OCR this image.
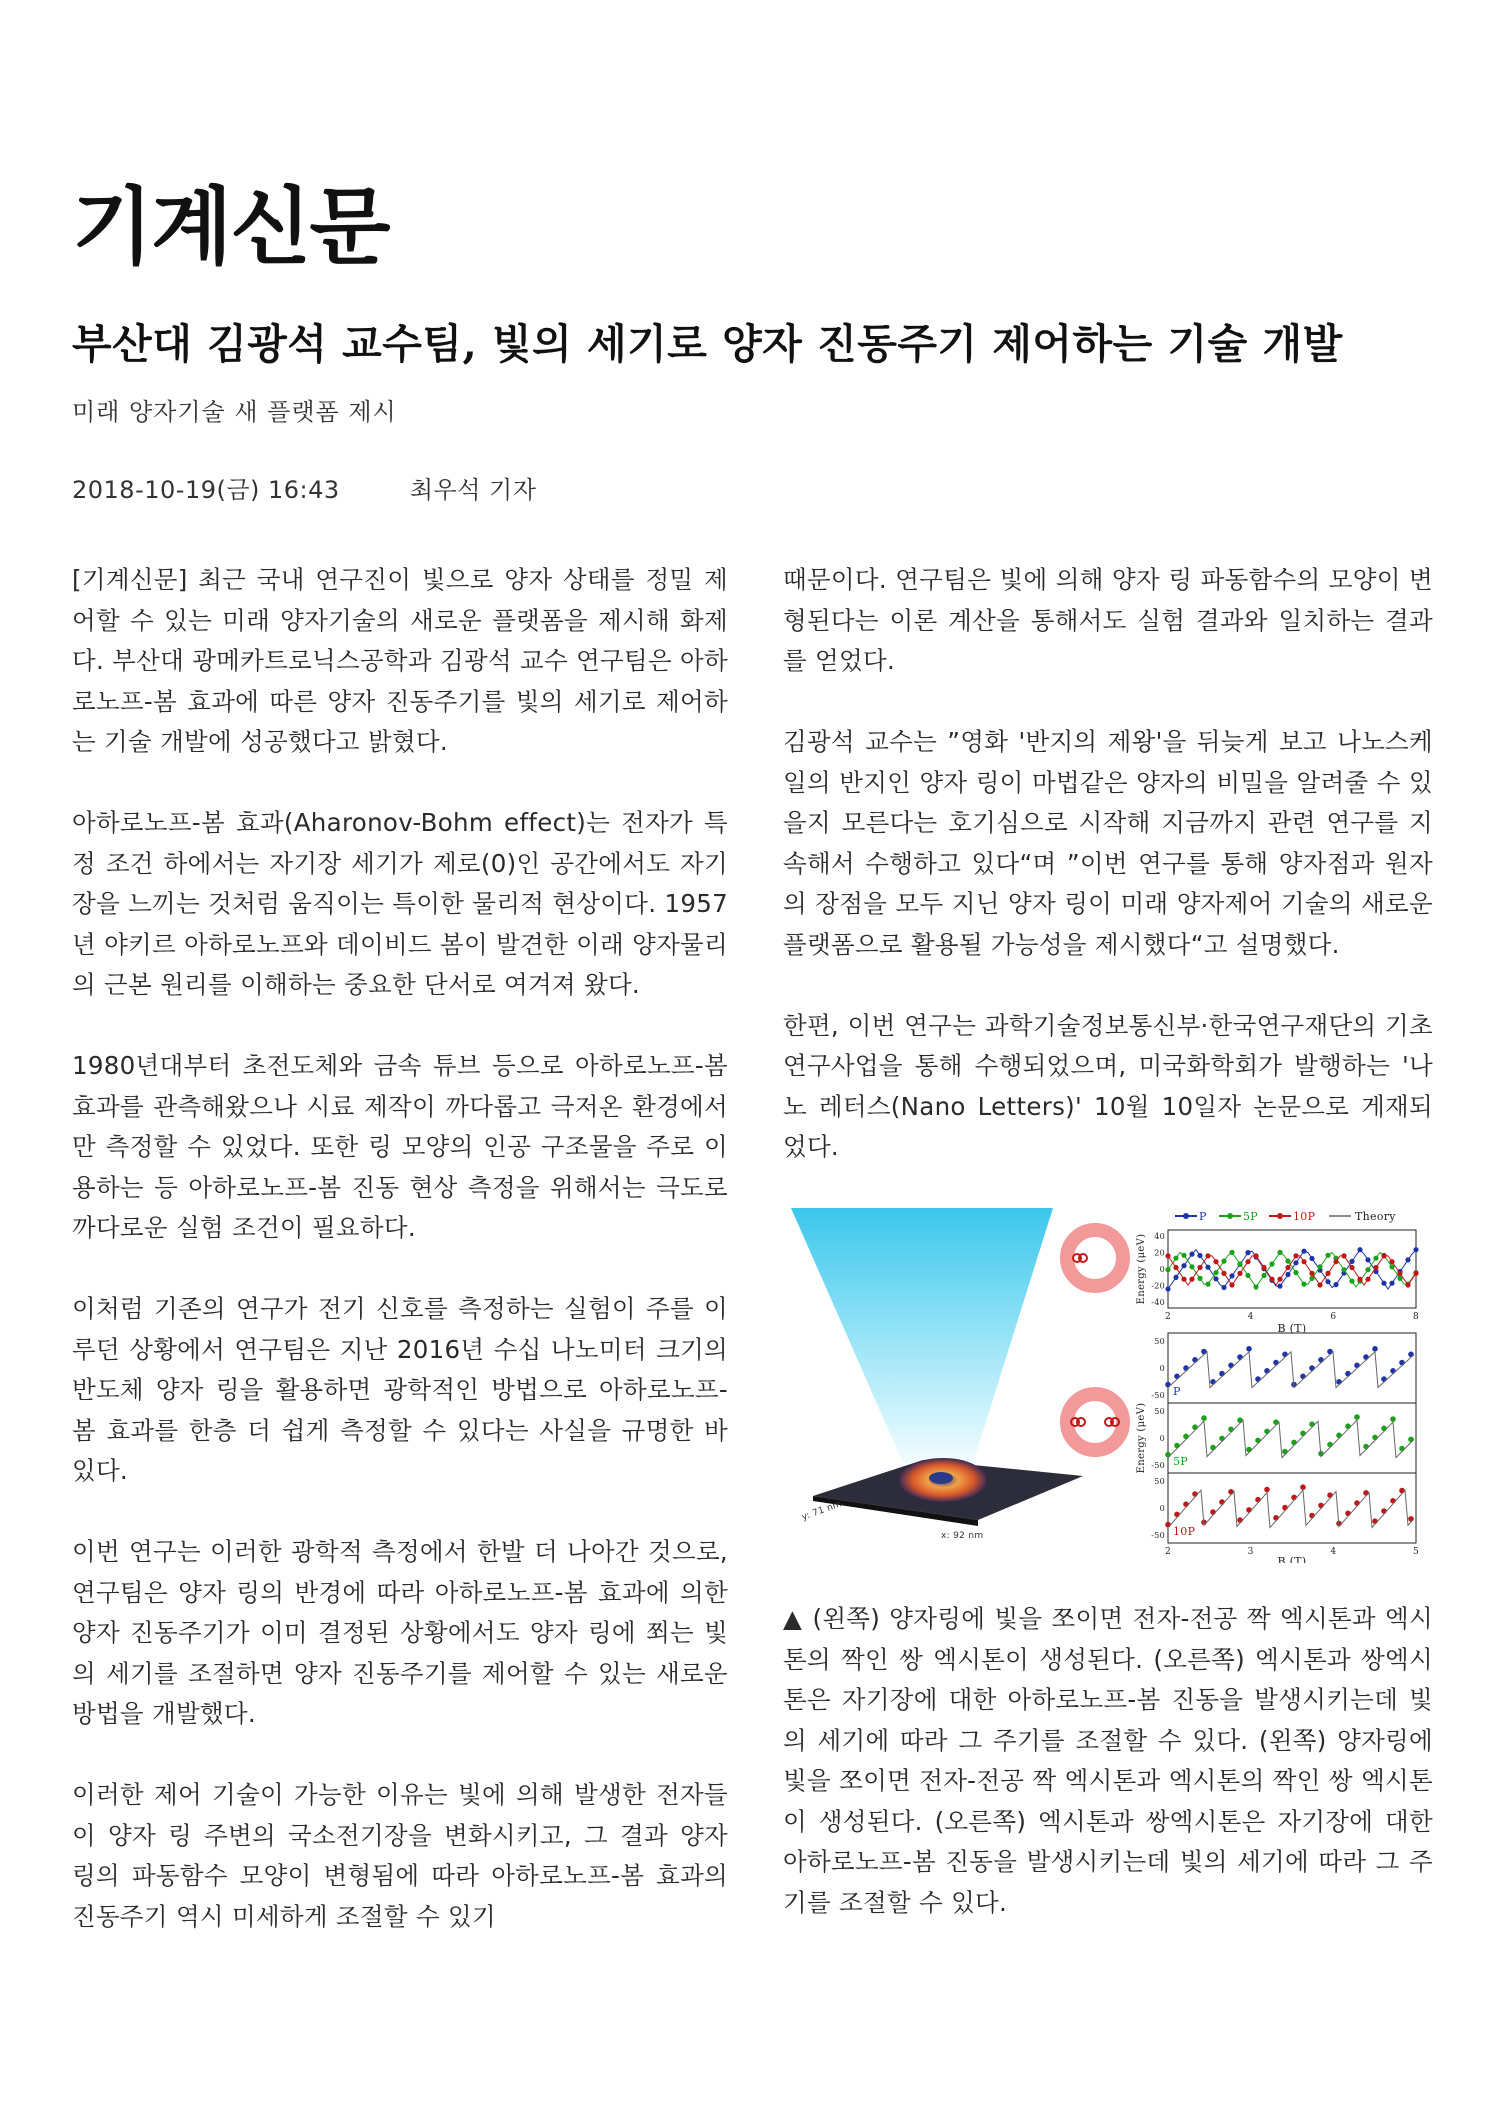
기계신문
부산대 김광석 교수팀, 빛의 세기로 양자 진동주기 제어하는 기술 개발
미래 양자기술 새 플랫폼 제시
2018-10-19(금) 16:43	최우석 기자

[기계신문] 최근 국내 연구진이 빛으로 양자 상태를 정밀 제어할 수 있는 미래 양자기술의 새로운 플랫폼을 제시해 화제다. 부산대 광메카트로닉스공학과 김광석 교수 연구팀은 아하로노프-봄 효과에 따른 양자 진동주기를 빛의 세기로 제어하는 기술 개발에 성공했다고 밝혔다.

아하로노프-봄 효과(Aharonov-Bohm effect)는 전자가 특정 조건 하에서는 자기장 세기가 제로(0)인 공간에서도 자기장을 느끼는 것처럼 움직이는 특이한 물리적 현상이다. 1957년 야키르 아하로노프와 데이비드 봄이 발견한 이래 양자물리의 근본 원리를 이해하는 중요한 단서로 여겨져 왔다.

1980년대부터 초전도체와 금속 튜브 등으로 아하로노프-봄 효과를 관측해왔으나 시료 제작이 까다롭고 극저온 환경에서만 측정할 수 있었다. 또한 링 모양의 인공 구조물을 주로 이용하는 등 아하로노프-봄 진동 현상 측정을 위해서는 극도로 까다로운 실험 조건이 필요하다.

이처럼 기존의 연구가 전기 신호를 측정하는 실험이 주를 이루던 상황에서 연구팀은 지난 2016년 수십 나노미터 크기의 반도체 양자 링을 활용하면 광학적인 방법으로 아하로노프-봄 효과를 한층 더 쉽게 측정할 수 있다는 사실을 규명한 바 있다.

이번 연구는 이러한 광학적 측정에서 한발 더 나아간 것으로, 연구팀은 양자 링의 반경에 따라 아하로노프-봄 효과에 의한 양자 진동주기가 이미 결정된 상황에서도 양자 링에 쬐는 빛의 세기를 조절하면 양자 진동주기를 제어할 수 있는 새로운 방법을 개발했다.

이러한 제어 기술이 가능한 이유는 빛에 의해 발생한 전자들이 양자 링 주변의 국소전기장을 변화시키고, 그 결과 양자 링의 파동함수 모양이 변형됨에 따라 아하로노프-봄 효과의 진동주기 역시 미세하게 조절할 수 있기

때문이다. 연구팀은 빛에 의해 양자 링 파동함수의 모양이 변형된다는 이론 계산을 통해서도 실험 결과와 일치하는 결과를 얻었다.

김광석 교수는 ”영화 '반지의 제왕'을 뒤늦게 보고 나노스케일의 반지인 양자 링이 마법같은 양자의 비밀을 알려줄 수 있을지 모른다는 호기심으로 시작해 지금까지 관련 연구를 지속해서 수행하고 있다“며 ”이번 연구를 통해 양자점과 원자의 장점을 모두 지닌 양자 링이 미래 양자제어 기술의 새로운 플랫폼으로 활용될 가능성을 제시했다“고 설명했다.

한편, 이번 연구는 과학기술정보통신부·한국연구재단의 기초연구사업을 통해 수행되었으며, 미국화학회가 발행하는 '나노 레터스(Nano Letters)' 10월 10일자 논문으로 게재되었다.

y: 71 nm
x: 92 nm
P	5P	10P	Theory
40
20
0
-20
-40
2	4	6	8
B (T)
Energy (μeV)
50
0
-50 P
50
0
-50 5P
50
0
-50 10P
2	3	4	5
B (T)
Energy (μeV)

▲ (왼쪽) 양자링에 빛을 쪼이면 전자-전공 짝 엑시톤과 엑시톤의 짝인 쌍 엑시톤이 생성된다. (오른쪽) 엑시톤과 쌍엑시톤은 자기장에 대한 아하로노프-봄 진동을 발생시키는데 빛의 세기에 따라 그 주기를 조절할 수 있다. (왼쪽) 양자링에 빛을 쪼이면 전자-전공 짝 엑시톤과 엑시톤의 짝인 쌍 엑시톤이 생성된다. (오른쪽) 엑시톤과 쌍엑시톤은 자기장에 대한 아하로노프-봄 진동을 발생시키는데 빛의 세기에 따라 그 주기를 조절할 수 있다.
